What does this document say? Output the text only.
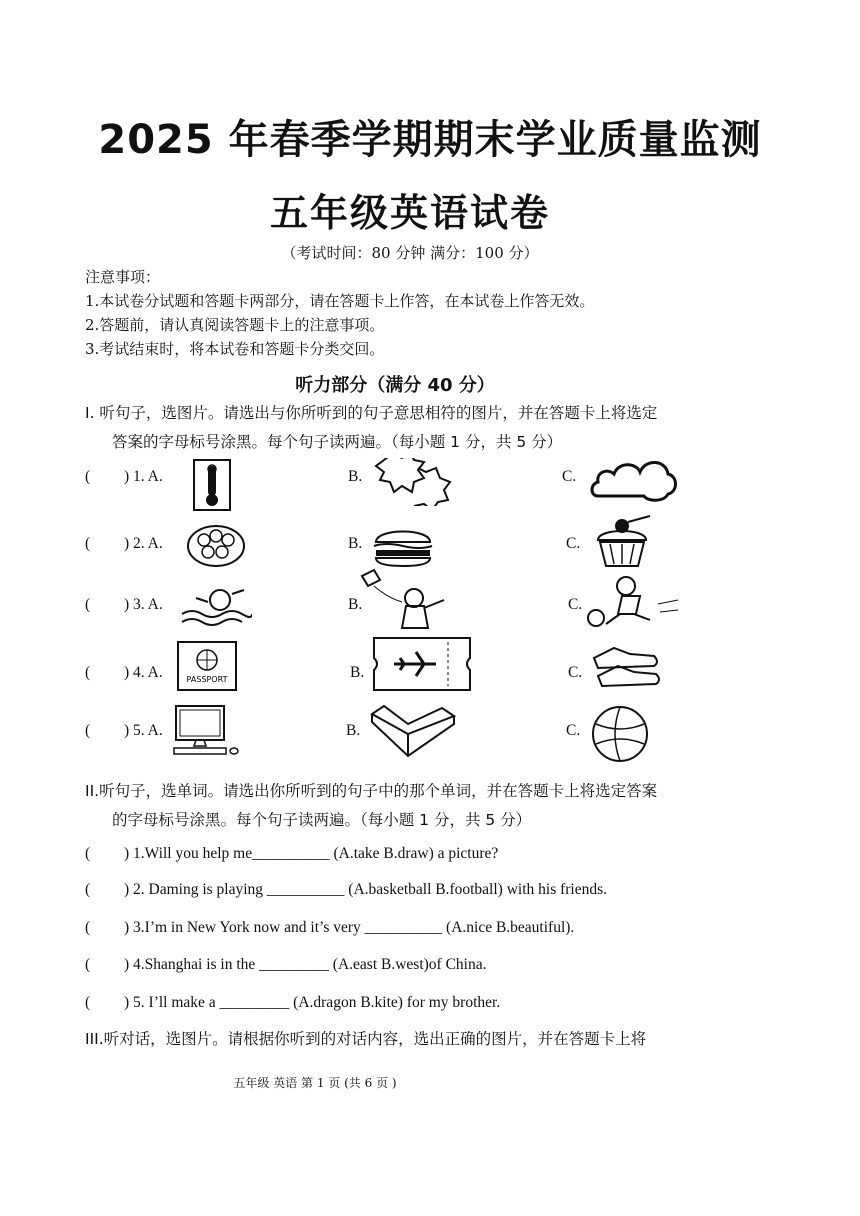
2025 年春季学期期末学业质量监测
五年级英语试卷
（考试时间：80 分钟 满分：100 分）
注意事项：
1.本试卷分试题和答题卡两部分，请在答题卡上作答，在本试卷上作答无效。
2.答题前，请认真阅读答题卡上的注意事项。
3.考试结束时，将本试卷和答题卡分类交回。
听力部分（满分 40 分）
I. 听句子，选图片。请选出与你所听到的句子意思相符的图片，并在答题卡上将选定
答案的字母标号涂黑。每个句子读两遍。（每小题 1 分，共 5 分）
( ) 1. A.	B.	C.
( ) 2. A.	B.	C.
( ) 3. A.	B.	C.
( ) 4. A.	PASSPORT	B.	C.
( ) 5. A.	B.	C.
II.听句子，选单词。请选出你所听到的句子中的那个单词，并在答题卡上将选定答案
的字母标号涂黑。每个句子读两遍。（每小题 1 分，共 5 分）
( ) 1.Will you help me__________ (A.take B.draw) a picture?
( ) 2. Daming is playing __________ (A.basketball B.football) with his friends.
( ) 3.I’m in New York now and it’s very __________ (A.nice B.beautiful).
( ) 4.Shanghai is in the _________ (A.east B.west)of China.
( ) 5. I’ll make a _________ (A.dragon B.kite) for my brother.
III.听对话，选图片。请根据你听到的对话内容，选出正确的图片，并在答题卡上将
五年级 英语 第 1 页 (共 6 页 )
